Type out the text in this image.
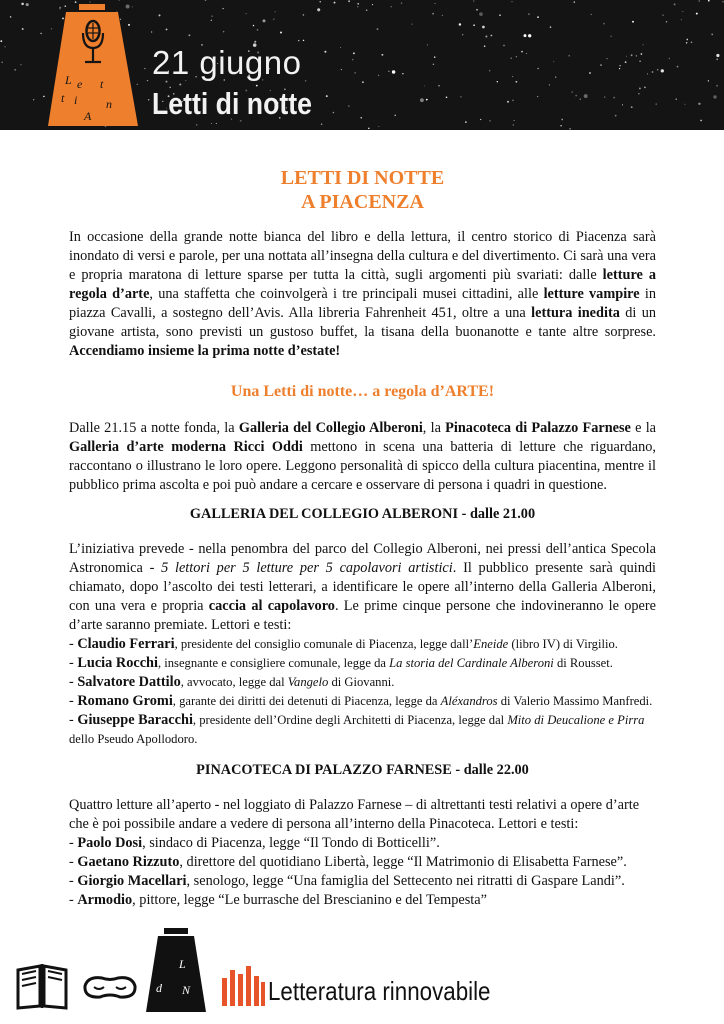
L e t
t i n
A
21 giugno
Letti di notte
LETTI DI NOTTE
A PIACENZA

In occasione della grande notte bianca del libro e della lettura, il centro storico di Piacenza sarà inondato di versi e parole, per una nottata all’insegna della cultura e del divertimento. Ci sarà una vera e propria maratona di letture sparse per tutta la città, sugli argomenti più svariati: dalle letture a regola d’arte, una staffetta che coinvolgerà i tre principali musei cittadini, alle letture vampire in piazza Cavalli, a sostegno dell’Avis. Alla libreria Fahrenheit 451, oltre a una lettura inedita di un giovane artista, sono previsti un gustoso buffet, la tisana della buonanotte e tante altre sorprese. Accendiamo insieme la prima notte d’estate!

Una Letti di notte… a regola d’ARTE!

Dalle 21.15 a notte fonda, la Galleria del Collegio Alberoni, la Pinacoteca di Palazzo Farnese e la Galleria d’arte moderna Ricci Oddi mettono in scena una batteria di letture che riguardano, raccontano o illustrano le loro opere. Leggono personalità di spicco della cultura piacentina, mentre il pubblico prima ascolta e poi può andare a cercare e osservare di persona i quadri in questione.

GALLERIA DEL COLLEGIO ALBERONI - dalle 21.00

L’iniziativa prevede - nella penombra del parco del Collegio Alberoni, nei pressi dell’antica Specola Astronomica - 5 lettori per 5 letture per 5 capolavori artistici. Il pubblico presente sarà quindi chiamato, dopo l’ascolto dei testi letterari, a identificare le opere all’interno della Galleria Alberoni, con una vera e propria caccia al capolavoro. Le prime cinque persone che indovineranno le opere d’arte saranno premiate. Lettori e testi:

- Claudio Ferrari, presidente del consiglio comunale di Piacenza, legge dall’Eneide (libro IV) di Virgilio.
- Lucia Rocchi, insegnante e consigliere comunale, legge da La storia del Cardinale Alberoni di Rousset.
- Salvatore Dattilo, avvocato, legge dal Vangelo di Giovanni.
- Romano Gromi, garante dei diritti dei detenuti di Piacenza, legge da Aléxandros di Valerio Massimo Manfredi.
- Giuseppe Baracchi, presidente dell’Ordine degli Architetti di Piacenza, legge dal Mito di Deucalione e Pirra dello Pseudo Apollodoro.
PINACOTECA DI PALAZZO FARNESE - dalle 22.00

Quattro letture all’aperto - nel loggiato di Palazzo Farnese – di altrettanti testi relativi a opere d’arte che è poi possibile andare a vedere di persona all’interno della Pinacoteca. Lettori e testi:

- Paolo Dosi, sindaco di Piacenza, legge “Il Tondo di Botticelli”.
- Gaetano Rizzuto, direttore del quotidiano Libertà, legge “Il Matrimonio di Elisabetta Farnese”.
- Giorgio Macellari, senologo, legge “Una famiglia del Settecento nei ritratti di Gaspare Landi”.
- Armodio, pittore, legge “Le burrasche del Brescianino e del Tempesta”
L
d N	Letteratura rinnovabile
